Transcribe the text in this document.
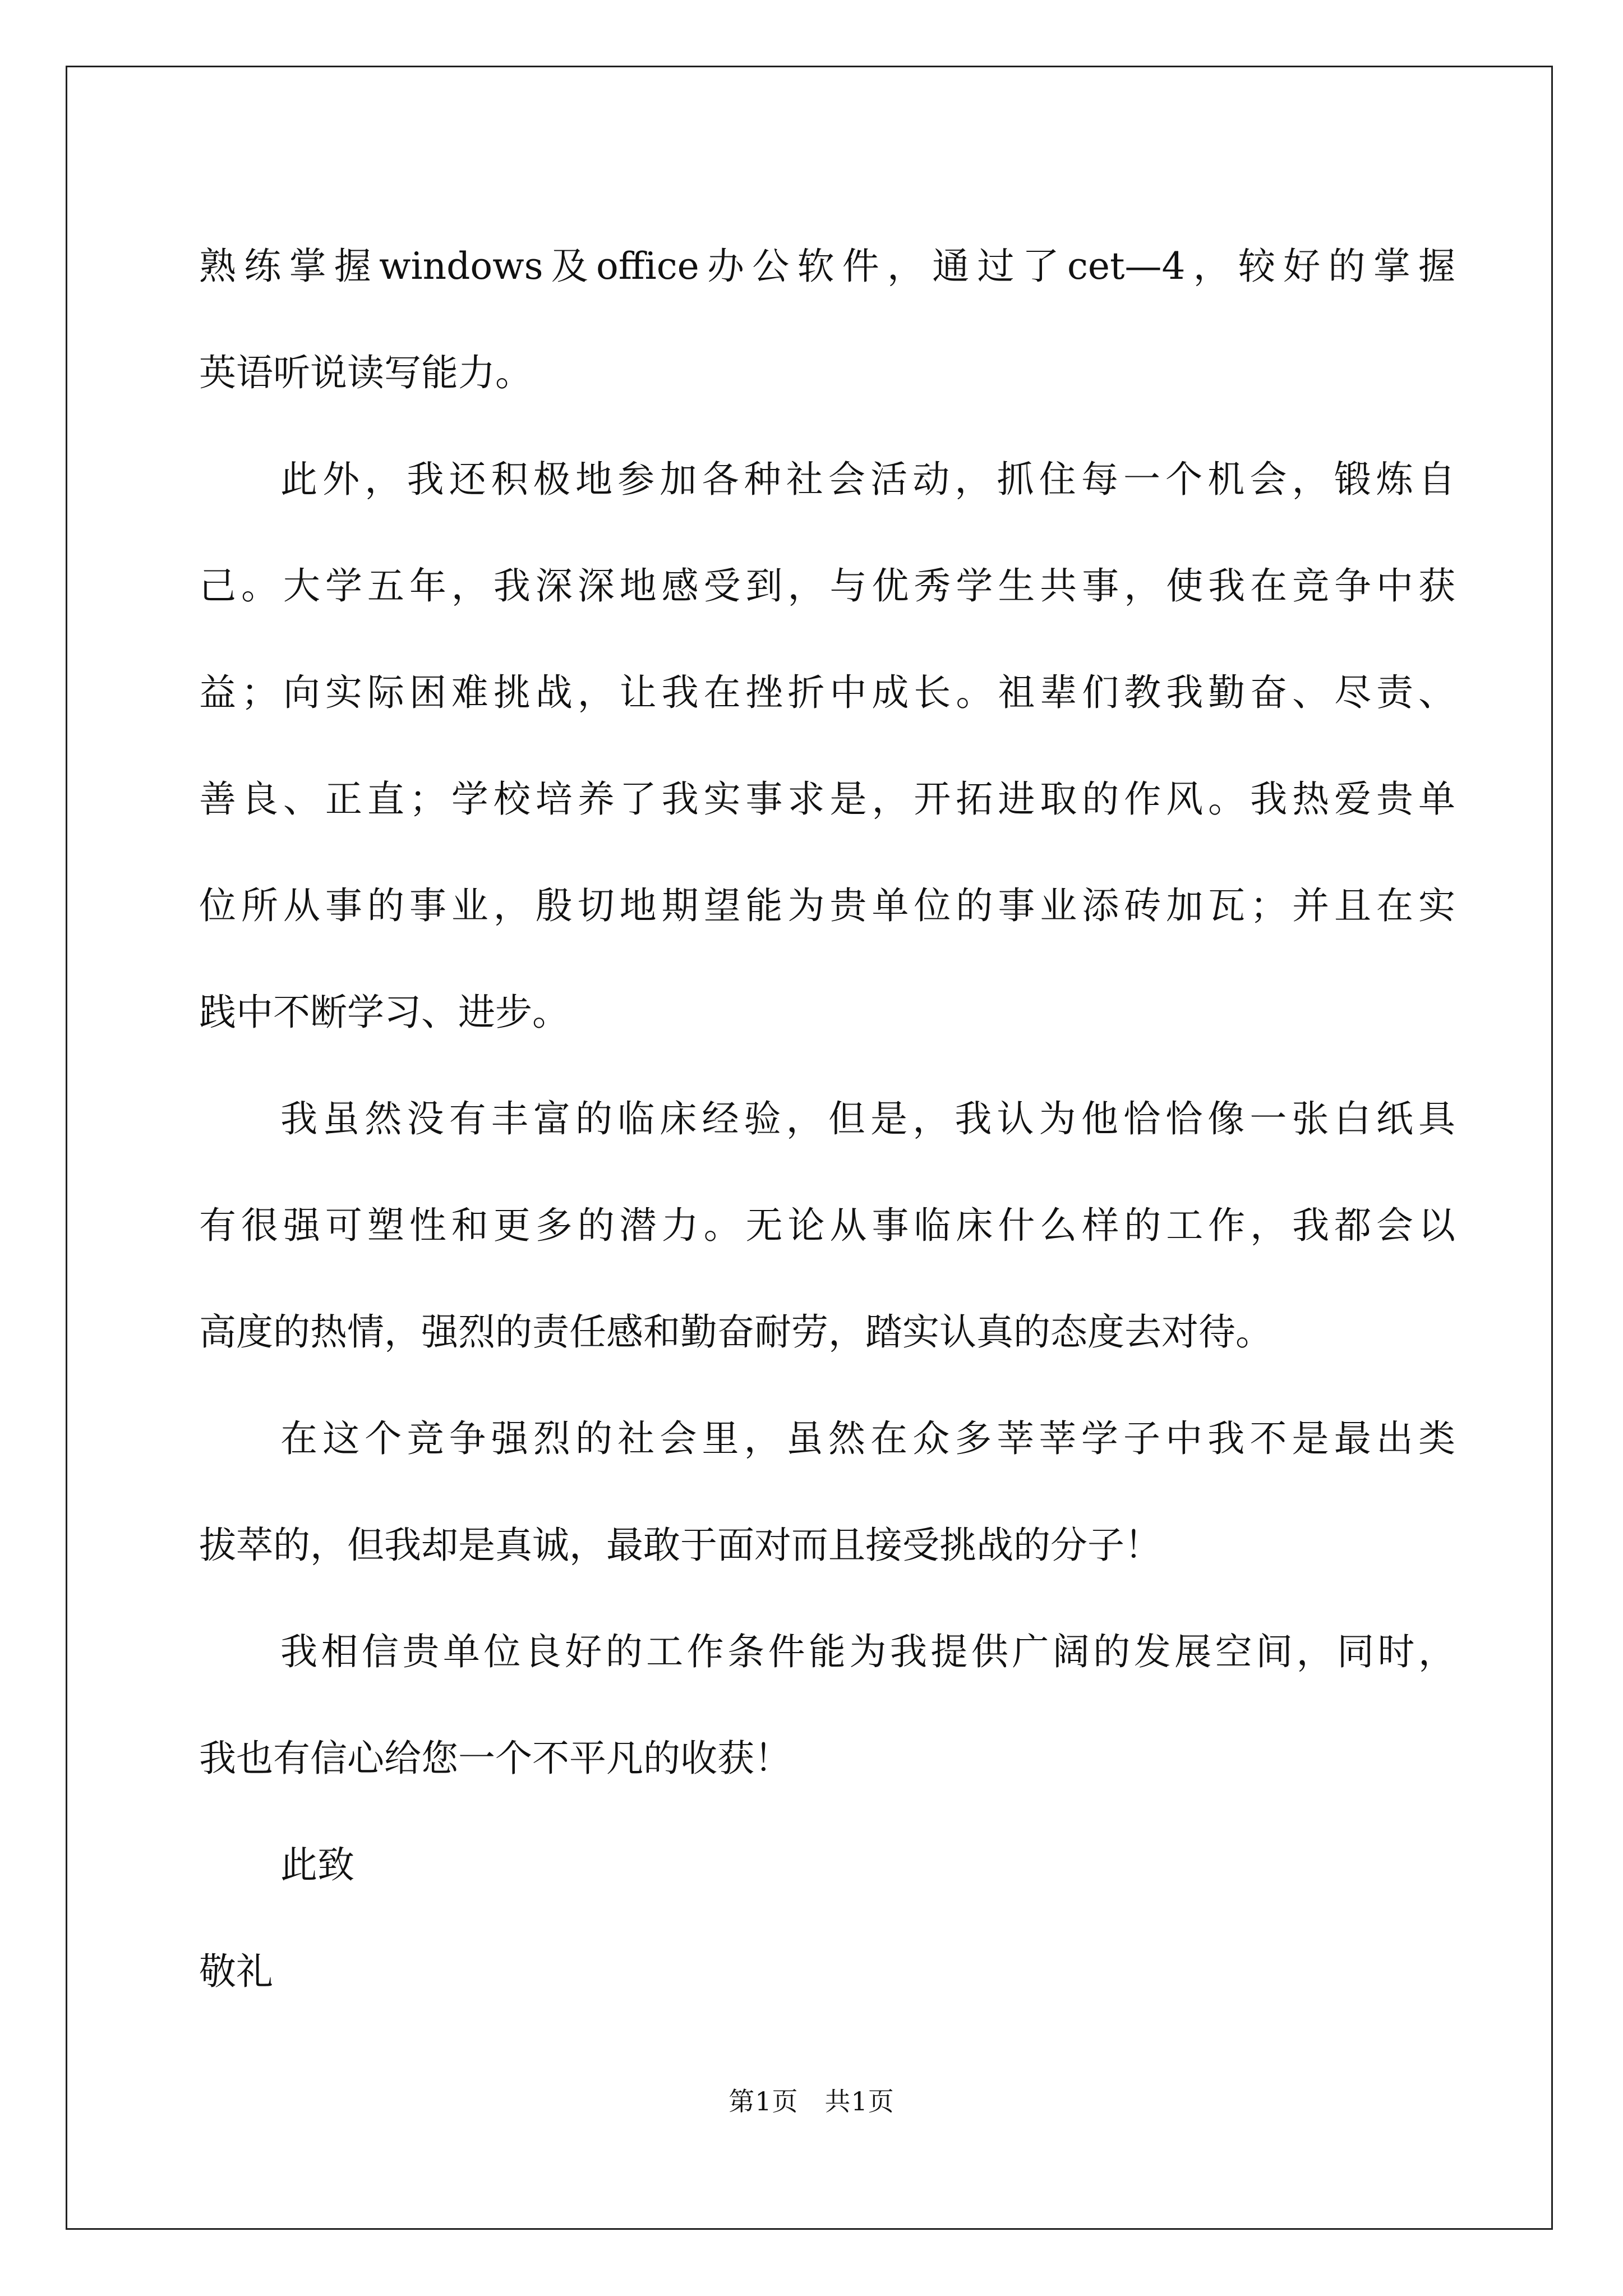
熟练掌握windows及office办公软件，通过了cet—4，较好的掌握
英语听说读写能力。
此外，我还积极地参加各种社会活动，抓住每一个机会，锻炼自
己。大学五年，我深深地感受到，与优秀学生共事，使我在竞争中获
益；向实际困难挑战，让我在挫折中成长。祖辈们教我勤奋、尽责、
善良、正直；学校培养了我实事求是，开拓进取的作风。我热爱贵单
位所从事的事业，殷切地期望能为贵单位的事业添砖加瓦；并且在实
践中不断学习、进步。
我虽然没有丰富的临床经验，但是，我认为他恰恰像一张白纸具
有很强可塑性和更多的潜力。无论从事临床什么样的工作，我都会以
高度的热情，强烈的责任感和勤奋耐劳，踏实认真的态度去对待。
在这个竞争强烈的社会里，虽然在众多莘莘学子中我不是最出类
拔萃的，但我却是真诚，最敢于面对而且接受挑战的分子！
我相信贵单位良好的工作条件能为我提供广阔的发展空间，同时，
我也有信心给您一个不平凡的收获！
此致
敬礼
第1页　共1页
